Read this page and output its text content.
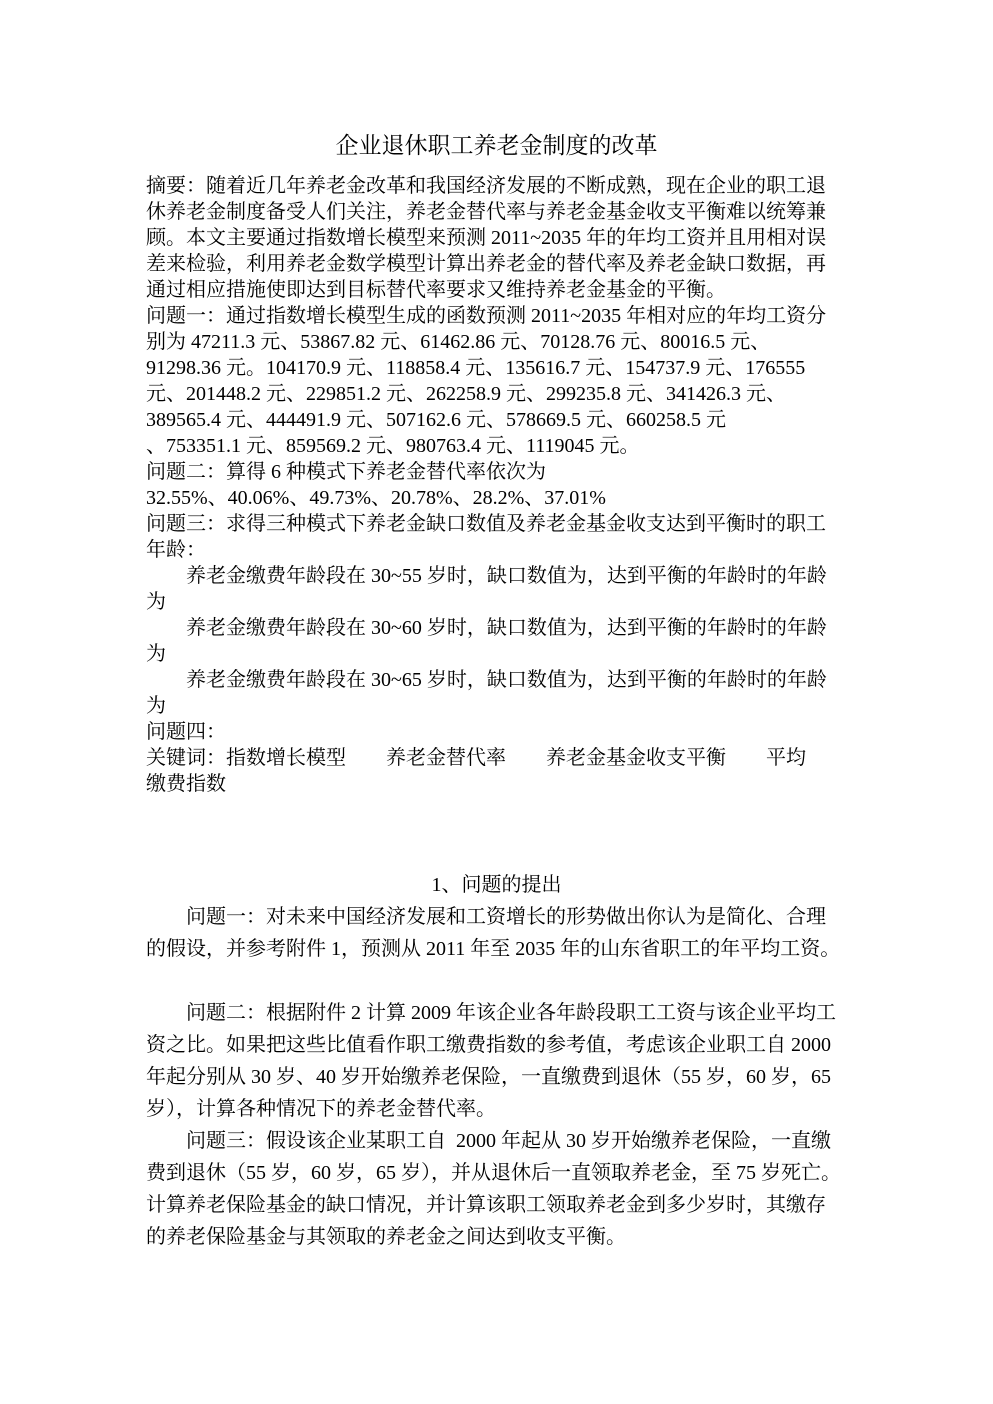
企业退休职工养老金制度的改革
摘要：随着近几年养老金改革和我国经济发展的不断成熟，现在企业的职工退
休养老金制度备受人们关注，养老金替代率与养老金基金收支平衡难以统筹兼
顾。本文主要通过指数增长模型来预测 2011~2035 年的年均工资并且用相对误
差来检验，利用养老金数学模型计算出养老金的替代率及养老金缺口数据，再
通过相应措施使即达到目标替代率要求又维持养老金基金的平衡。
问题一：通过指数增长模型生成的函数预测 2011~2035 年相对应的年均工资分
别为 47211.3 元、53867.82 元、61462.86 元、70128.76 元、80016.5 元、
91298.36 元。104170.9 元、118858.4 元、135616.7 元、154737.9 元、176555
元、201448.2 元、229851.2 元、262258.9 元、299235.8 元、341426.3 元、
389565.4 元、444491.9 元、507162.6 元、578669.5 元、660258.5 元
、753351.1 元、859569.2 元、980763.4 元、1119045 元。
问题二：算得 6 种模式下养老金替代率依次为
32.55%、40.06%、49.73%、20.78%、28.2%、37.01%
问题三：求得三种模式下养老金缺口数值及养老金基金收支达到平衡时的职工
年龄：
　　养老金缴费年龄段在 30~55 岁时，缺口数值为，达到平衡的年龄时的年龄
为
　　养老金缴费年龄段在 30~60 岁时，缺口数值为，达到平衡的年龄时的年龄
为
　　养老金缴费年龄段在 30~65 岁时，缺口数值为，达到平衡的年龄时的年龄
为
问题四：
关键词：指数增长模型　　养老金替代率　　养老金基金收支平衡　　平均
缴费指数
1、问题的提出
　　问题一：对未来中国经济发展和工资增长的形势做出你认为是简化、合理
的假设，并参考附件 1，预测从 2011 年至 2035 年的山东省职工的年平均工资。
　　问题二：根据附件 2 计算 2009 年该企业各年龄段职工工资与该企业平均工
资之比。如果把这些比值看作职工缴费指数的参考值，考虑该企业职工自 2000
年起分别从 30 岁、40 岁开始缴养老保险，一直缴费到退休（55 岁，60 岁，65
岁），计算各种情况下的养老金替代率。
　　问题三：假设该企业某职工自  2000 年起从 30 岁开始缴养老保险，一直缴
费到退休（55 岁，60 岁，65 岁），并从退休后一直领取养老金，至 75 岁死亡。
计算养老保险基金的缺口情况，并计算该职工领取养老金到多少岁时，其缴存
的养老保险基金与其领取的养老金之间达到收支平衡。
